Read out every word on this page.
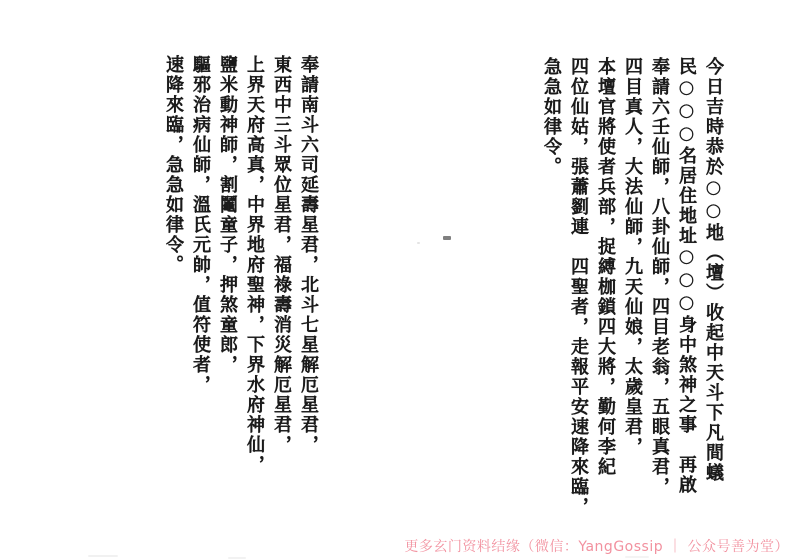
今日吉時恭於○○地（壇）收起中天斗下凡間蟻

民○○○名居住地址○○○身中煞神之事　再啟

奉請六壬仙師，八卦仙師，四目老翁，五眼真君，

四目真人，大法仙師，九天仙娘，太歲皇君，

本壇官將使者兵部，捉縛枷鎖四大將，勤何李紀

四位仙姑，張蕭劉連　四聖者，走報平安速降來臨，

急急如律令。

奉請南斗六司延壽星君，北斗七星解厄星君，

東西中三斗眾位星君，福祿壽消災解厄星君，

上界天府高真，中界地府聖神，下界水府神仙，

鹽米動神師，割鬮童子，押煞童郎，

驅邪治病仙師，溫氏元帥，值符使者，

速降來臨，急急如律令。

更多玄门资料结缘（微信：YangGossip ｜ 公众号善为堂）
